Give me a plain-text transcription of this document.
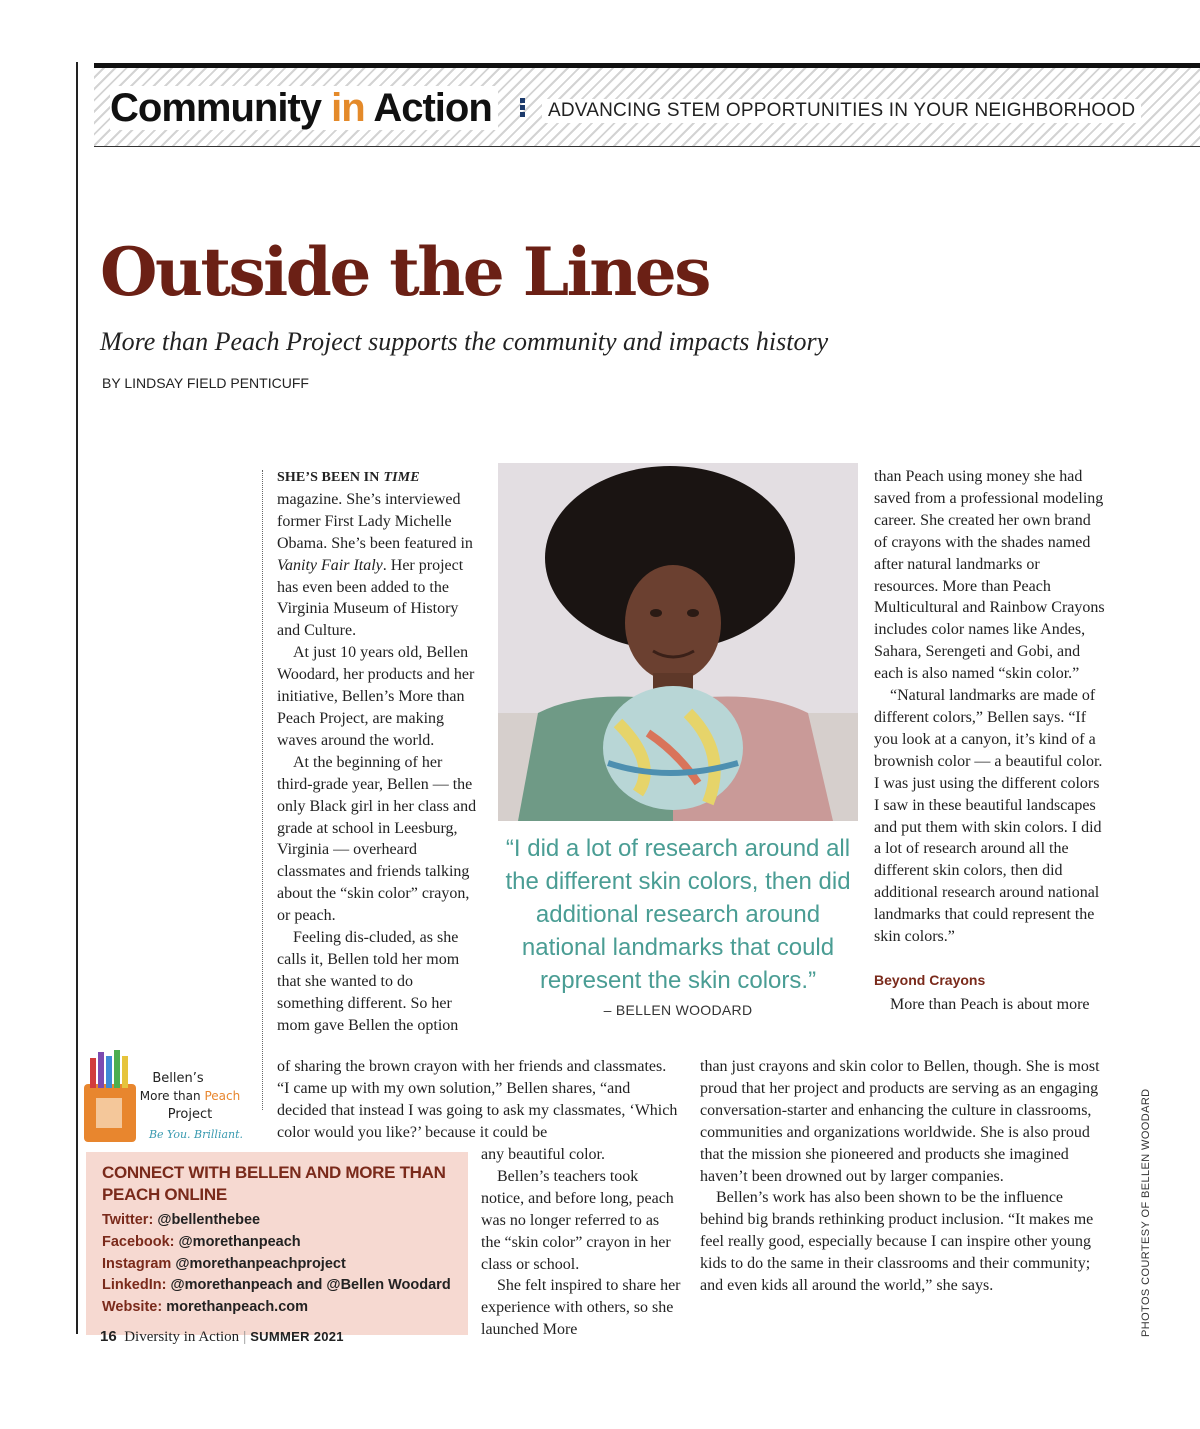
Community in Action	ADVANCING STEM OPPORTUNITIES IN YOUR NEIGHBORHOOD
Outside the Lines
More than Peach Project supports the community and impacts history
BY LINDSAY FIELD PENTICUFF

SHE’S BEEN IN TIME
magazine. She’s interviewed former First Lady Michelle Obama. She’s been featured in Vanity Fair Italy. Her project has even been added to the Virginia Museum of History and Culture.

At just 10 years old, Bellen Woodard, her products and her initiative, Bellen’s More than Peach Project, are making waves around the world.

At the beginning of her third-grade year, Bellen — the only Black girl in her class and grade at school in Leesburg, Virginia — overheard classmates and friends talking about the “skin color” crayon, or peach.

Feeling dis-cluded, as she calls it, Bellen told her mom that she wanted to do something different. So her mom gave Bellen the option

of sharing the brown crayon with her friends and classmates. “I came up with my own solution,” Bellen shares, “and decided that instead I was going to ask my classmates, ‘Which color would you like?’ because it could be

any beautiful color.

Bellen’s teachers took notice, and before long, peach was no longer referred to as the “skin color” crayon in her class or school.

She felt inspired to share her experience with others, so she launched More

“I did a lot of research around all the different skin colors, then did additional research around national landmarks that could represent the skin colors.”
– BELLEN WOODARD

than Peach using money she had saved from a professional modeling career. She created her own brand of crayons with the shades named after natural landmarks or resources. More than Peach Multicultural and Rainbow Crayons includes color names like Andes, Sahara, Serengeti and Gobi, and each is also named “skin color.”

“Natural landmarks are made of different colors,” Bellen says. “If you look at a canyon, it’s kind of a brownish color — a beautiful color. I was just using the different colors I saw in these beautiful landscapes and put them with skin colors. I did a lot of research around all the different skin colors, then did additional research around national landmarks that could represent the skin colors.”

Beyond Crayons

More than Peach is about more

than just crayons and skin color to Bellen, though. She is most proud that her project and products are serving as an engaging conversation-starter and enhancing the culture in classrooms, communities and organizations worldwide. She is also proud that the mission she pioneered and products she imagined haven’t been drowned out by larger companies.

Bellen’s work has also been shown to be the influence behind big brands rethinking product inclusion. “It makes me feel really good, especially because I can inspire other young kids to do the same in their classrooms and their community; and even kids all around the world,” she says.

Bellen’s
More than Peach
Project
Be You. Brilliant.
CONNECT WITH BELLEN AND MORE THAN PEACH ONLINE
Twitter: @bellenthebee
Facebook: @morethanpeach
Instagram @morethanpeachproject
LinkedIn: @morethanpeach and @Bellen Woodard
Website: morethanpeach.com	PHOTOS COURTESY OF BELLEN WOODARD
16 Diversity in Action | SUMMER 2021
